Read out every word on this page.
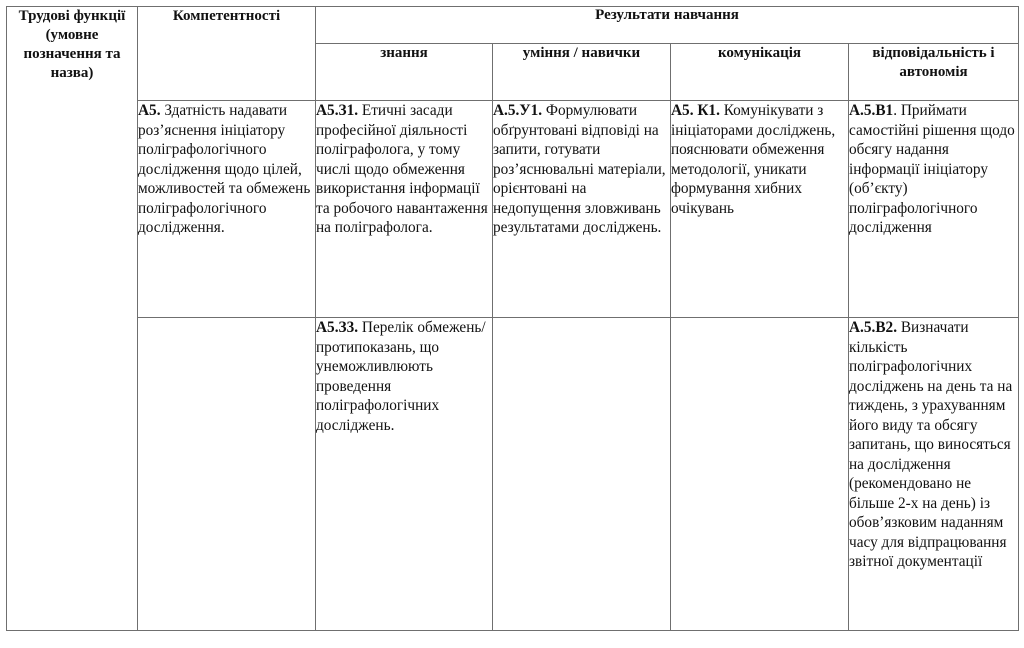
Трудові функції (умовне позначення та назва)	Компетентності	Результати навчання			
		знання	уміння / навички	комунікація	відповідальність і автономія
	А5. Здатність надавати роз’яснення ініціатору поліграфологічного дослідження щодо цілей, можливостей та обмежень поліграфологічного дослідження.	А5.З1. Етичні засади професійної діяльності поліграфолога, у тому числі щодо обмеження використання інформації та робочого навантаження на поліграфолога.	А.5.У1. Формулювати обґрунтовані відповіді на запити, готувати роз’яснювальні матеріали, орієнтовані на недопущення зловживань результатами досліджень.	А5. К1. Комунікувати з ініціаторами досліджень, пояснювати обмеження методології, уникати формування хибних очікувань	А.5.В1. Приймати самостійні рішення щодо обсягу надання інформації ініціатору (об’єкту) поліграфологічного дослідження
		А5.З3. Перелік обмежень/протипоказань, що унеможливлюють проведення поліграфологічних досліджень.			А.5.В2. Визначати кількість поліграфологічних досліджень на день та на тиждень, з урахуванням його виду та обсягу запитань, що виносяться на дослідження (рекомендовано не більше 2-х на день) із обов’язковим наданням часу для відпрацювання звітної документації
